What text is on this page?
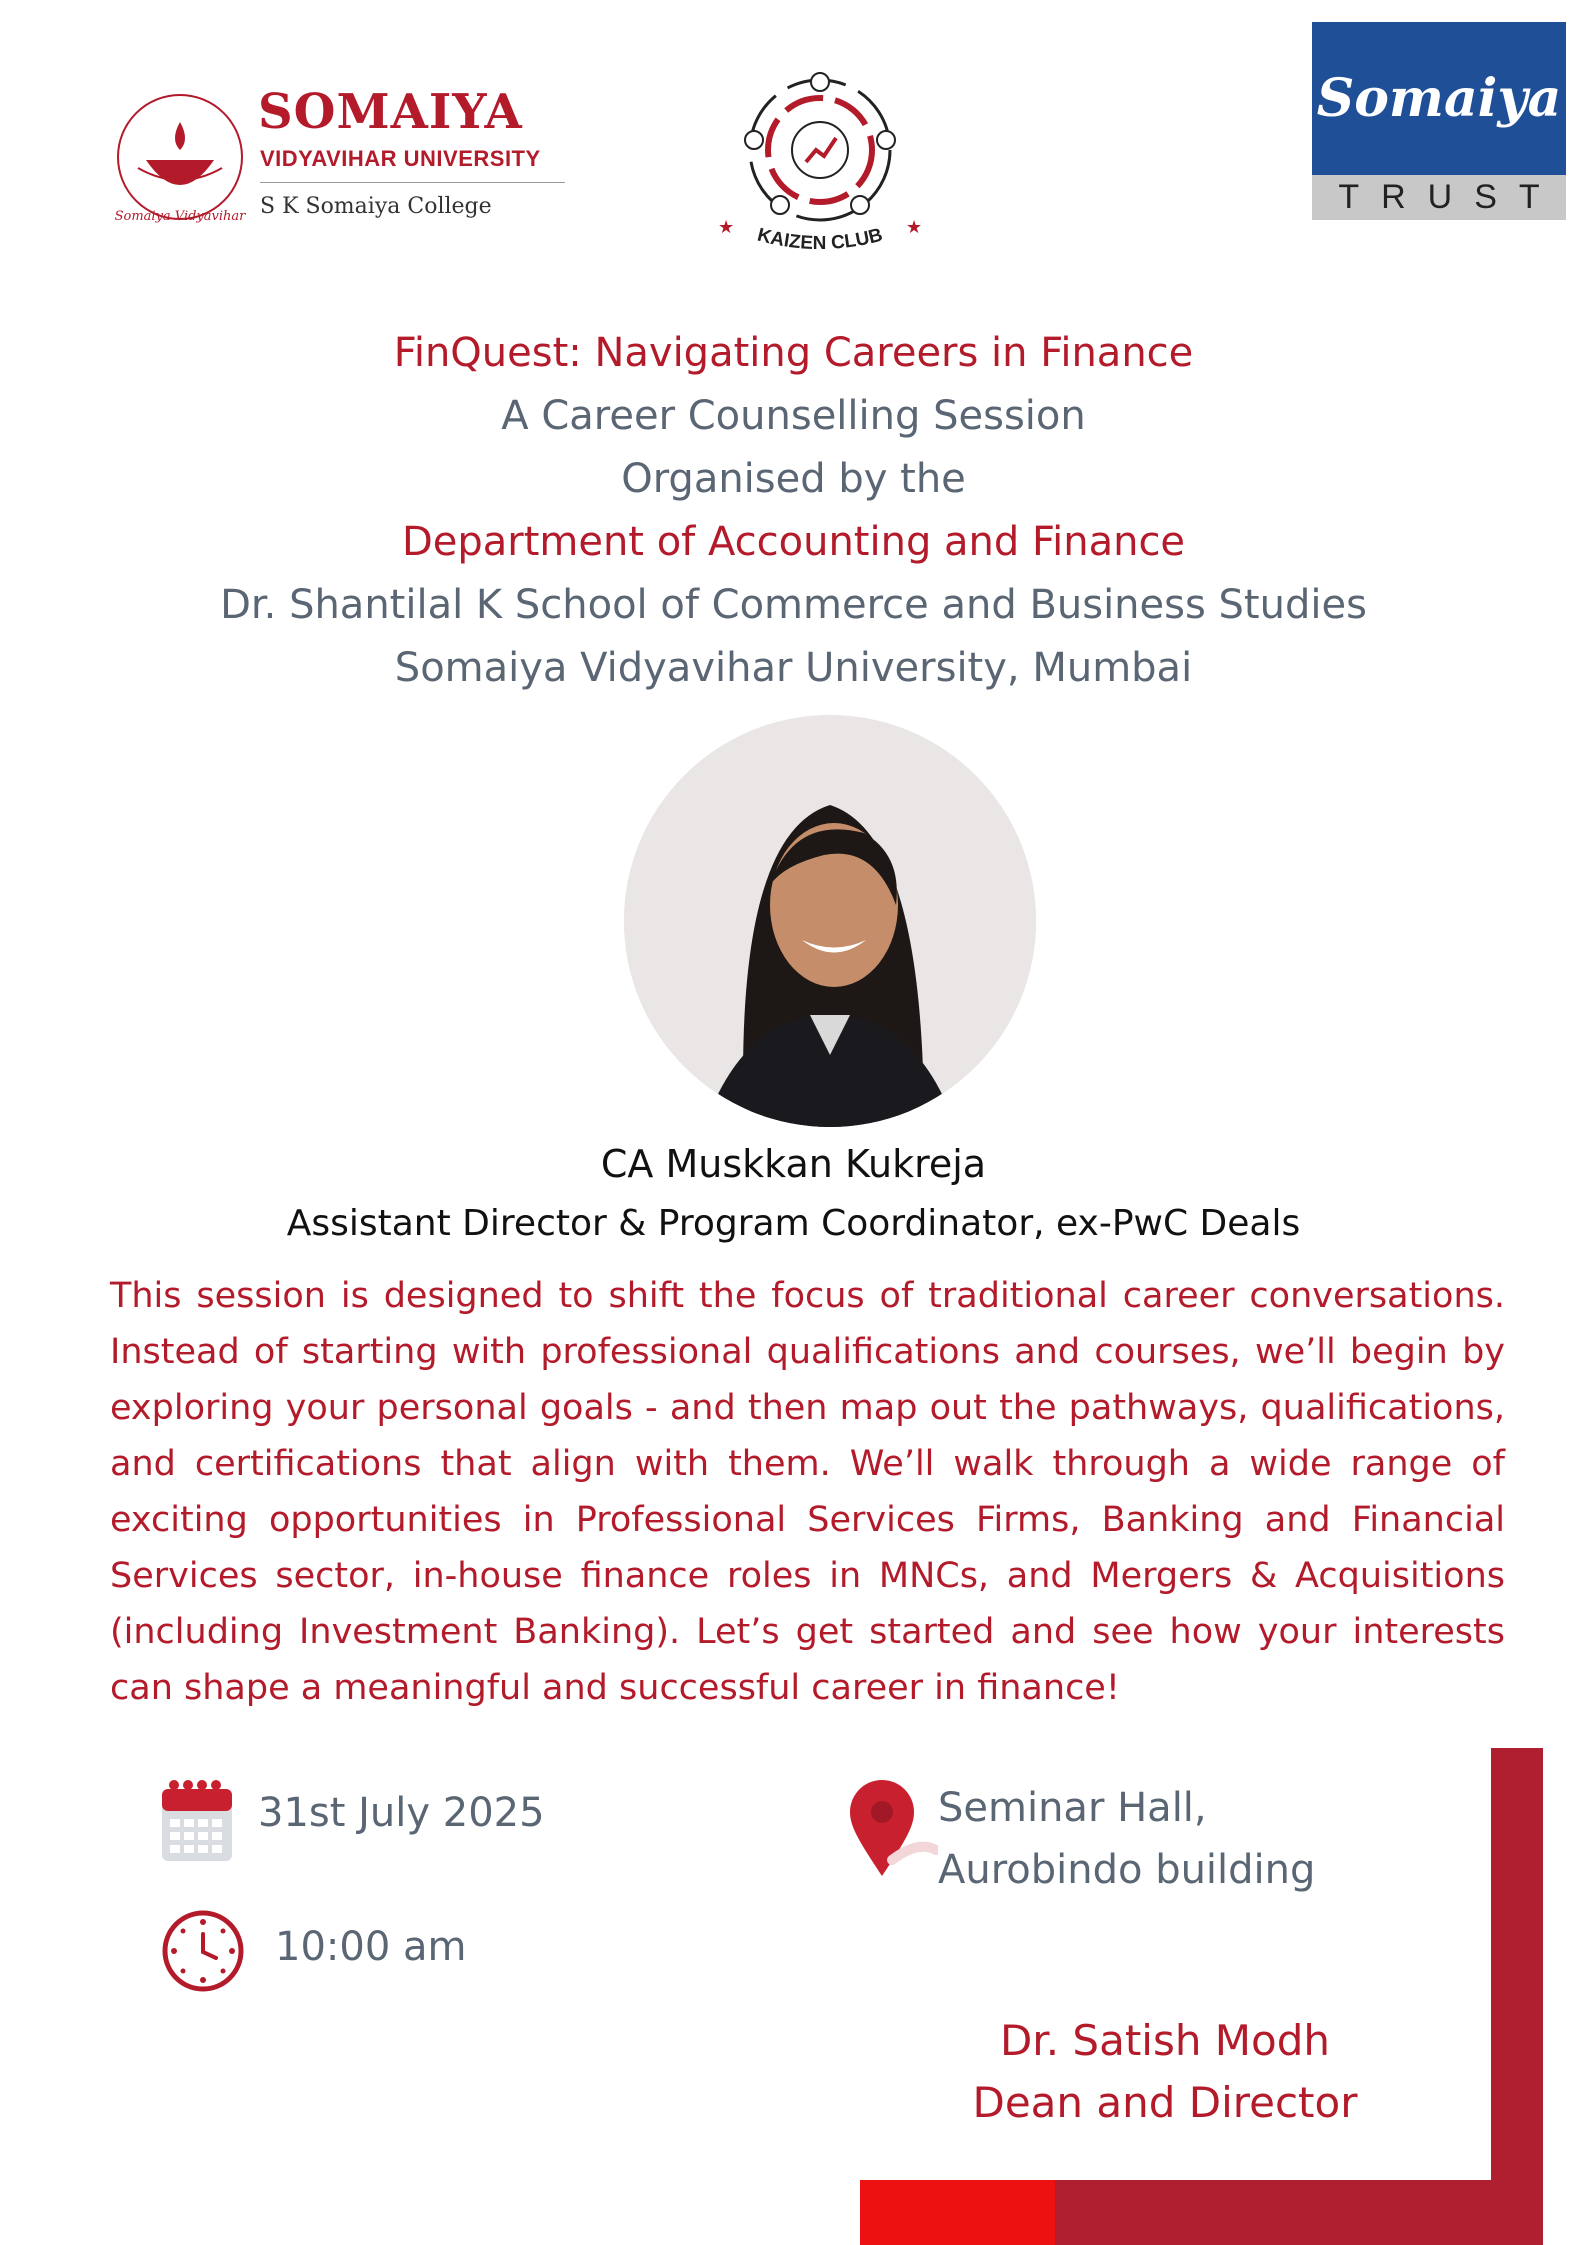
Somaiya Vidyavihar
SOMAIYA
VIDYAVIHAR UNIVERSITY
S K Somaiya College
KAIZEN CLUB
★	★
Somaiya
TRUST
FinQuest: Navigating Careers in Finance
A Career Counselling Session
Organised by the
Department of Accounting and Finance
Dr. Shantilal K School of Commerce and Business Studies
Somaiya Vidyavihar University, Mumbai
CA Muskkan Kukreja
Assistant Director & Program Coordinator, ex-PwC Deals
This session is designed to shift the focus of traditional career conversations. Instead of starting with professional qualifications and courses, we’ll begin by exploring your personal goals - and then map out the pathways, qualifications, and certifications that align with them. We’ll walk through a wide range of exciting opportunities in Professional Services Firms, Banking and Financial Services sector, in-house finance roles in MNCs, and Mergers & Acquisitions (including Investment Banking). Let’s get started and see how your interests can shape a meaningful and successful career in finance!
31st July 2025
10:00 am
Seminar Hall,
Aurobindo building
Dr. Satish Modh
Dean and Director
